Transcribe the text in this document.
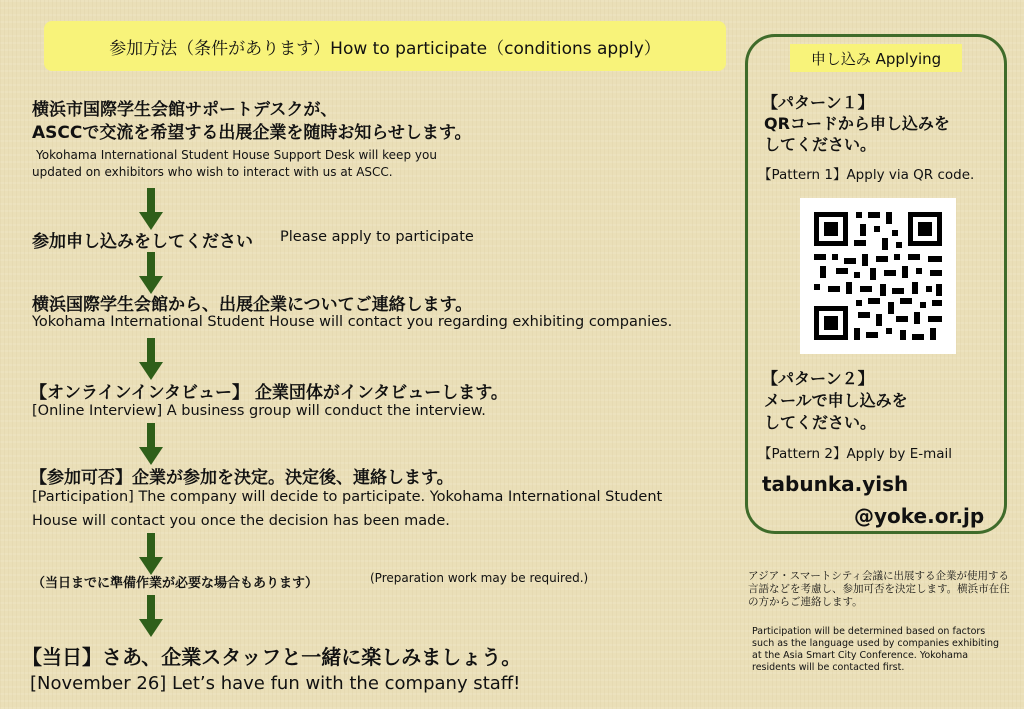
参加方法（条件があります）How to participate（conditions apply）
横浜市国際学生会館サポートデスクが、
ASCCで交流を希望する出展企業を随時お知らせします。
Yokohama International Student House Support Desk will keep you
updated on exhibitors who wish to interact with us at ASCC.
参加申し込みをしてください Please apply to participate
横浜国際学生会館から、出展企業についてご連絡します。
Yokohama International Student House will contact you regarding exhibiting companies.
【オンラインインタビュー】 企業団体がインタビューします。
[Online Interview] A business group will conduct the interview.
【参加可否】企業が参加を決定。決定後、連絡します。
[Participation] The company will decide to participate. Yokohama International Student
House will contact you once the decision has been made.
（当日までに準備作業が必要な場合もあります）	(Preparation work may be required.)
【当日】さあ、企業スタッフと一緒に楽しみましょう。
[November 26] Let’s have fun with the company staff!
申し込み Applying
【パターン１】
QRコードから申し込みを
してください。
【Pattern 1】Apply via QR code.
【パターン２】
メールで申し込みを
してください。
【Pattern 2】Apply by E-mail
tabunka.yish
@yoke.or.jp
アジア・スマートシティ会議に出展する企業が使用する言語などを考慮し、参加可否を決定します。横浜市在住の方からご連絡します。
Participation will be determined based on factors such as the language used by companies exhibiting at the Asia Smart City Conference. Yokohama residents will be contacted first.
